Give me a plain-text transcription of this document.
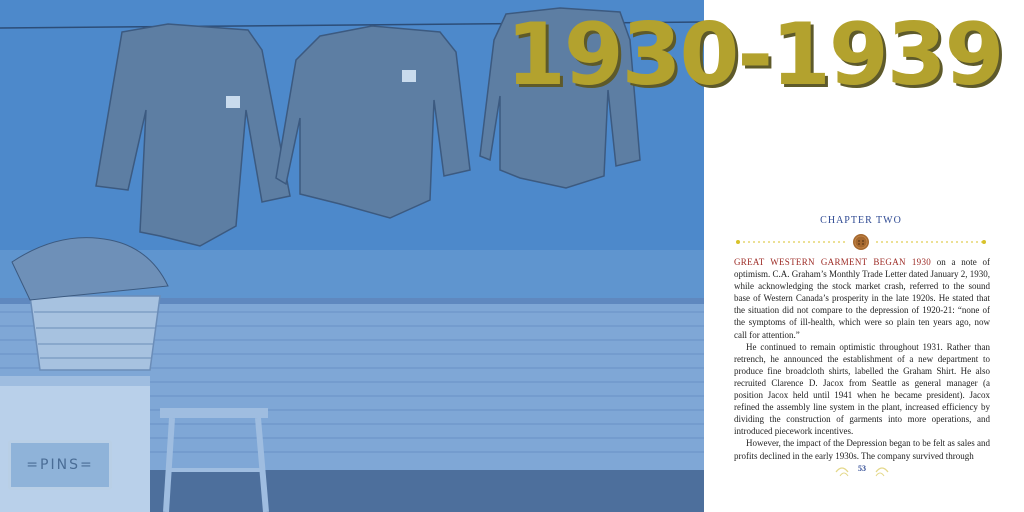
=PINS=
1930-1939
CHAPTER TWO

GREAT WESTERN GARMENT BEGAN 1930 on a note of optimism. C.A. Graham’s Monthly Trade Letter dated January 2, 1930, while acknowledging the stock market crash, referred to the sound base of Western Canada’s prosperity in the late 1920s. He stated that the situation did not compare to the depression of 1920-21: “none of the symptoms of ill-health, which were so plain ten years ago, now call for attention.”

He continued to remain optimistic throughout 1931. Rather than retrench, he announced the establishment of a new department to produce fine broadcloth shirts, labelled the Graham Shirt. He also recruited Clarence D. Jacox from Seattle as general manager (a position Jacox held until 1941 when he became president). Jacox refined the assembly line system in the plant, increased efficiency by dividing the construction of garments into more operations, and introduced piecework incentives.

However, the impact of the Depression began to be felt as sales and profits declined in the early 1930s. The company survived through

53
